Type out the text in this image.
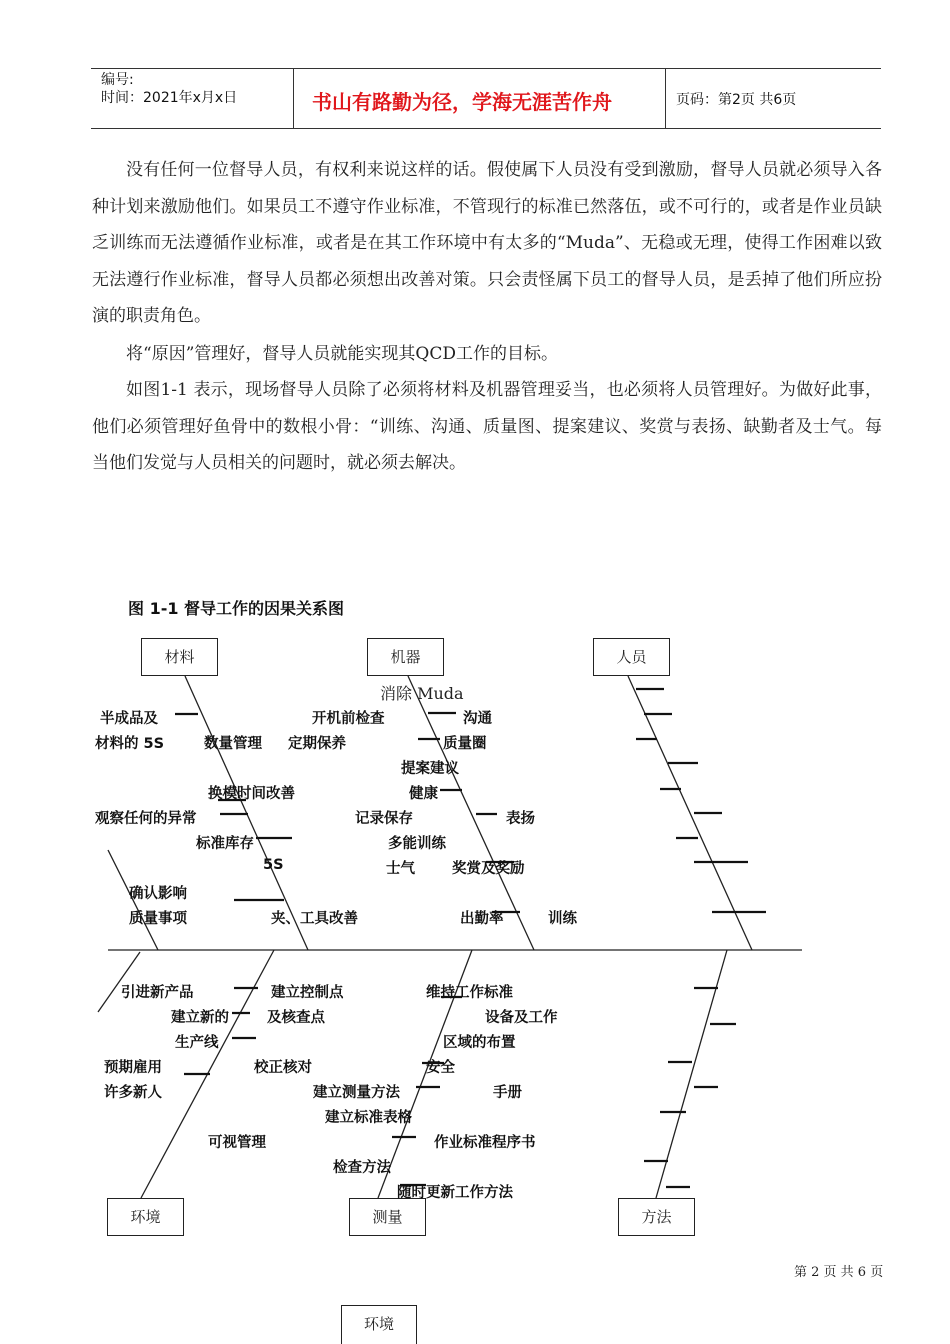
编号:
时间：2021年x月x日	书山有路勤为径，学海无涯苦作舟	页码：第2页 共6页
没有任何一位督导人员，有权利来说这样的话。假使属下人员没有受到激励，督导人员就必须导入各种计划来激励他们。如果员工不遵守作业标准，不管现行的标准已然落伍，或不可行的，或者是作业员缺乏训练而无法遵循作业标准，或者是在其工作环境中有太多的“Muda”、无稳或无理，使得工作困难以致无法遵行作业标准，督导人员都必须想出改善对策。只会责怪属下员工的督导人员，是丢掉了他们所应扮演的职责角色。
将“原因”管理好，督导人员就能实现其QCD工作的目标。
如图1-1 表示，现场督导人员除了必须将材料及机器管理妥当，也必须将人员管理好。为做好此事，他们必须管理好鱼骨中的数根小骨：“训练、沟通、质量图、提案建议、奖赏与表扬、缺勤者及士气。每当他们发觉与人员相关的问题时，就必须去解决。
图 1-1 督导工作的因果关系图
材料	机器	人员
环境	测量	方法
消除 Muda
半成品及
材料的 5S	数量管理
换模时间改善
观察任何的异常
标准库存
5S
确认影响
质量事项	夹、工具改善
开机前检查
定期保养
记录保存
沟通
质量圈
提案建议
健康
表扬
多能训练
士气	奖赏及奖励
出勤率	训练
引进新产品
建立新的
生产线
预期雇用
许多新人
可视管理
建立控制点
及核查点
校正核对
建立测量方法
建立标准表格
检查方法
维持工作标准
设备及工作
区域的布置
安全
手册
作业标准程序书
随时更新工作方法
第 2 页 共 6 页
环境
